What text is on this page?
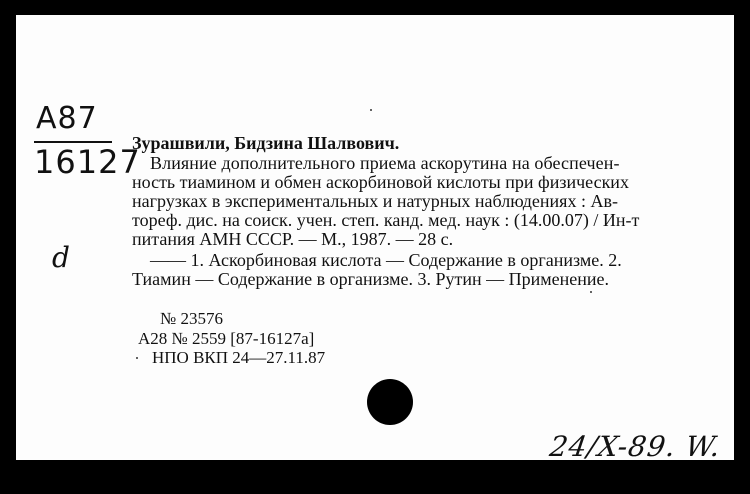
A87
16127
d
Зурашвили, Бидзина Шалвович.
Влияние дополнительного приема аскорутина на обеспечен-
ность тиамином и обмен аскорбиновой кислоты при физических
нагрузках в экспериментальных и натурных наблюдениях : Ав-
тореф. дис. на соиск. учен. степ. канд. мед. наук : (14.00.07) / Ин-т
питания АМН СССР. — М., 1987. — 28 с.
—— 1. Аскорбиновая кислота — Содержание в организме. 2.
Тиамин — Содержание в организме. 3. Рутин — Применение.
№ 23576
A28 № 2559 [87-16127a]
НПО ВКП 24—27.11.87
24/X-89. W.
